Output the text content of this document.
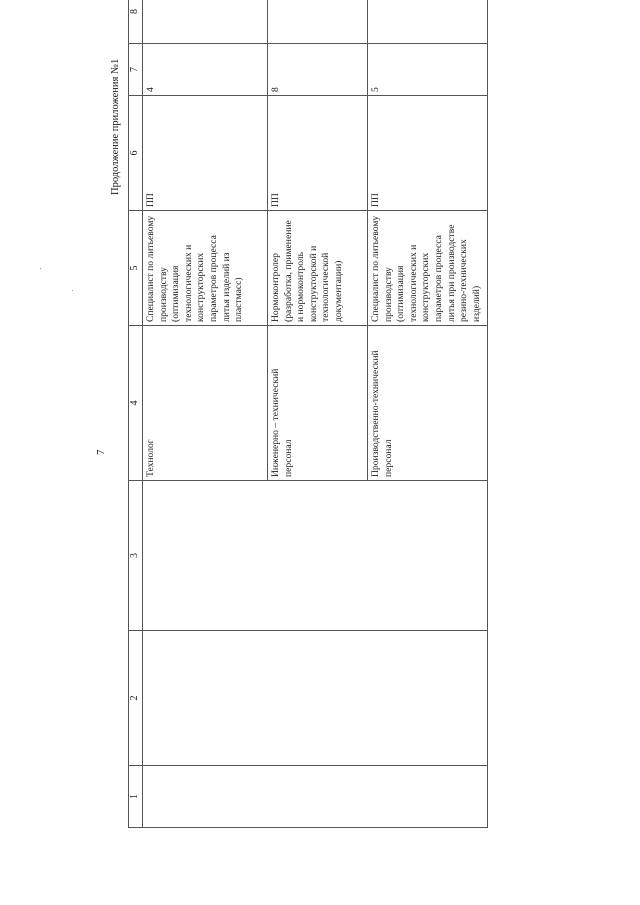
7
Продолжение приложения №1
1	2	3	4	5	6	7	8
			Технолог	Специалист по литьевому производству (оптимизация технологических и конструкторских параметров процесса литья изделий из пластмасс)	ПП	4	
			Инженерно – технический персонал	Нормоконтролер (разработка, применение и нормоконтроль конструкторской и технологической документации)	ПП	8	
			Производственно-технический персонал	Специалист по литьевому производству (оптимизация технологических и конструкторских параметров процесса литья при производстве резино-технических изделий)	ПП	5	
